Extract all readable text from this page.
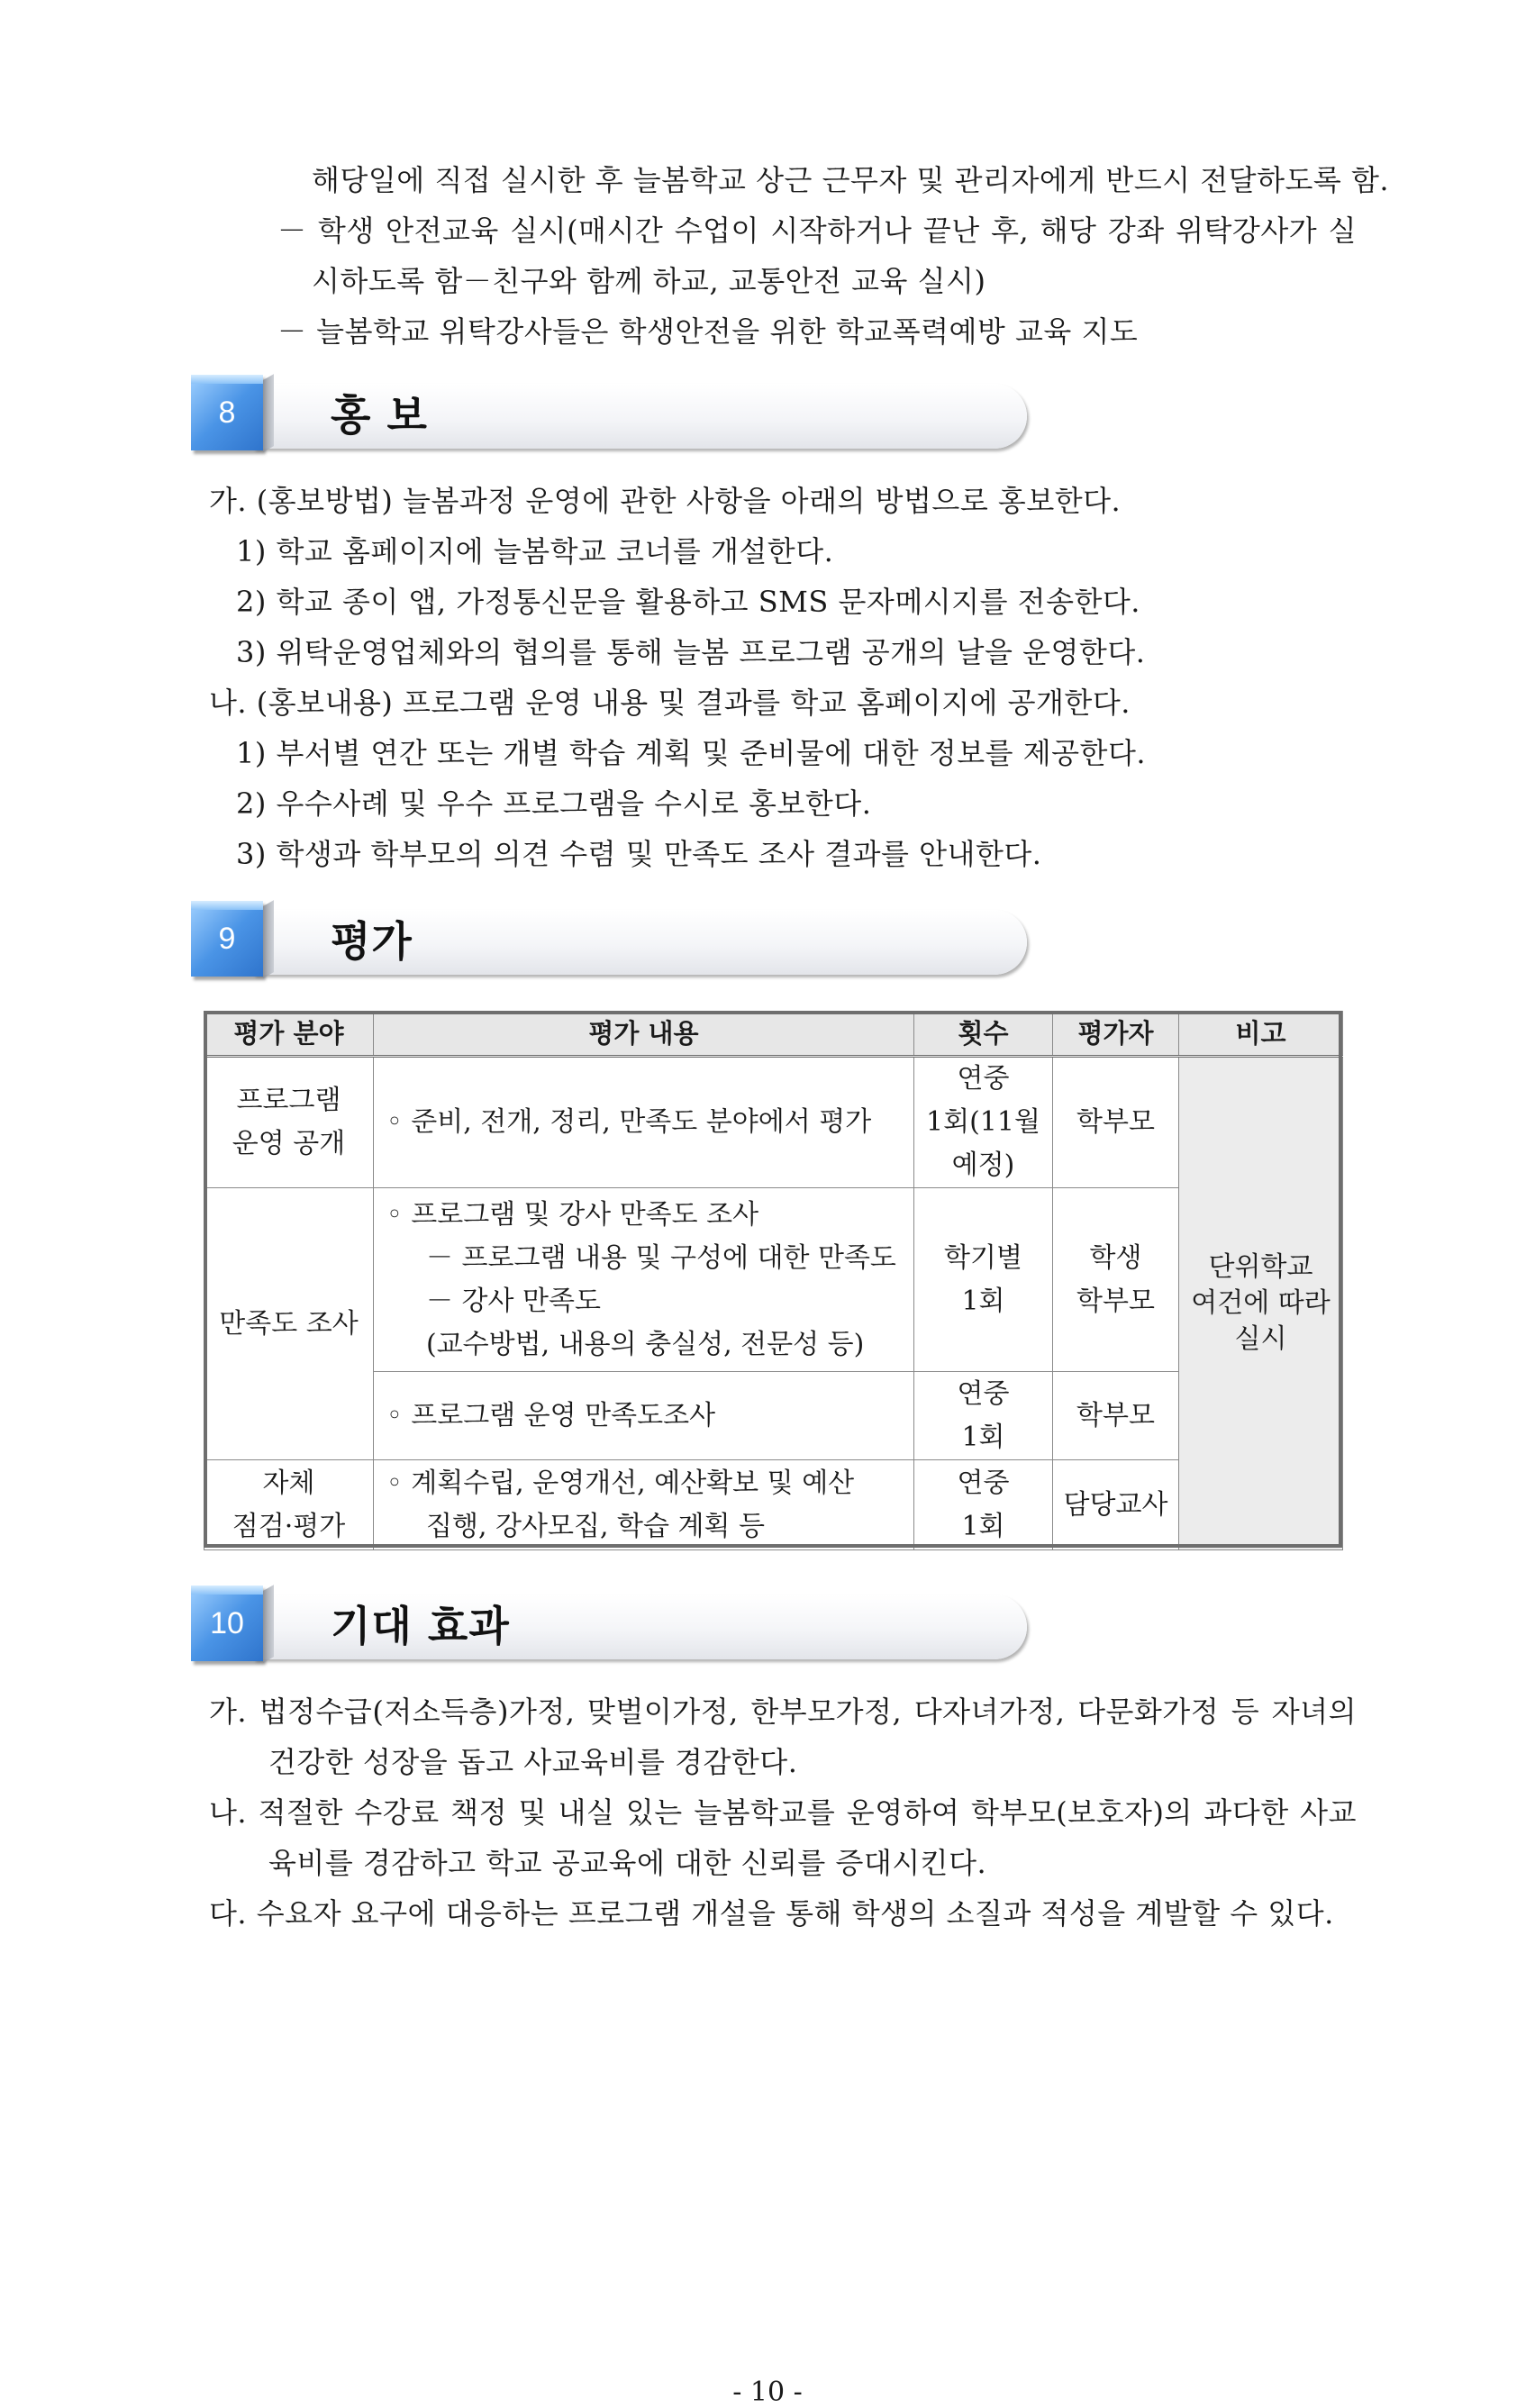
해당일에 직접 실시한 후 늘봄학교 상근 근무자 및 관리자에게 반드시 전달하도록 함.
－ 학생 안전교육 실시(매시간 수업이 시작하거나 끝난 후, 해당 강좌 위탁강사가 실
시하도록 함－친구와 함께 하교, 교통안전 교육 실시)
－ 늘봄학교 위탁강사들은 학생안전을 위한 학교폭력예방 교육 지도
8	홍 보
가. (홍보방법) 늘봄과정 운영에 관한 사항을 아래의 방법으로 홍보한다.
1) 학교 홈페이지에 늘봄학교 코너를 개설한다.
2) 학교 종이 앱, 가정통신문을 활용하고 SMS 문자메시지를 전송한다.
3) 위탁운영업체와의 협의를 통해 늘봄 프로그램 공개의 날을 운영한다.
나. (홍보내용) 프로그램 운영 내용 및 결과를 학교 홈페이지에 공개한다.
1) 부서별 연간 또는 개별 학습 계획 및 준비물에 대한 정보를 제공한다.
2) 우수사례 및 우수 프로그램을 수시로 홍보한다.
3) 학생과 학부모의 의견 수렴 및 만족도 조사 결과를 안내한다.
9	평가
평가 분야	평가 내용	횟수	평가자	비고

프로그램
운영 공개	◦ 준비, 전개, 정리, 만족도 분야에서 평가	연중
1회(11월
예정)	학부모	단위학교
여건에 따라
실시

만족도 조사	◦ 프로그램 및 강사 만족도 조사
－ 프로그램 내용 및 구성에 대한 만족도
－ 강사 만족도
(교수방법, 내용의 충실성, 전문성 등)	학기별
1회	학생
학부모	

	◦ 프로그램 운영 만족도조사	연중
1회	학부모	

자체
점검·평가	◦ 계획수립, 운영개선, 예산확보 및 예산
집행, 강사모집, 학습 계획 등	연중
1회	담당교사	
10	기대 효과
가. 법정수급(저소득층)가정, 맞벌이가정, 한부모가정, 다자녀가정, 다문화가정 등 자녀의
건강한 성장을 돕고 사교육비를 경감한다.
나. 적절한 수강료 책정 및 내실 있는 늘봄학교를 운영하여 학부모(보호자)의 과다한 사교
육비를 경감하고 학교 공교육에 대한 신뢰를 증대시킨다.
다. 수요자 요구에 대응하는 프로그램 개설을 통해 학생의 소질과 적성을 계발할 수 있다.
- 10 -
